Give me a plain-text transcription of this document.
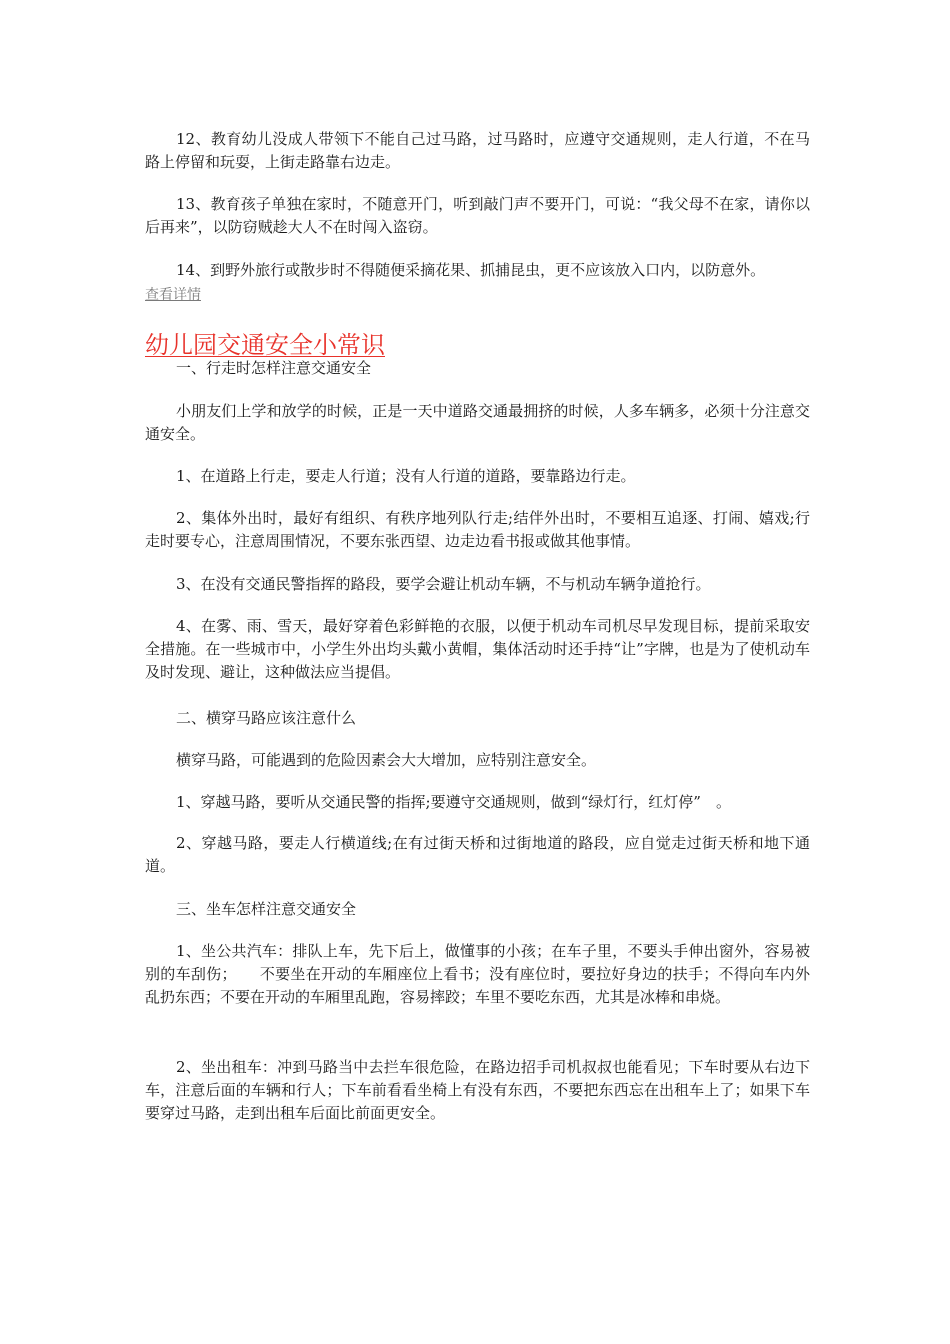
12、教育幼儿没成人带领下不能自己过马路，过马路时，应遵守交通规则，走人行道，不在马路上停留和玩耍，上街走路靠右边走。

13、教育孩子单独在家时，不随意开门，听到敲门声不要开门，可说：“我父母不在家，请你以后再来”，以防窃贼趁大人不在时闯入盗窃。

14、到野外旅行或散步时不得随便采摘花果、抓捕昆虫，更不应该放入口内，以防意外。

查看详情
幼儿园交通安全小常识

一、行走时怎样注意交通安全

小朋友们上学和放学的时候，正是一天中道路交通最拥挤的时候，人多车辆多，必须十分注意交通安全。

1、在道路上行走，要走人行道；没有人行道的道路，要靠路边行走。

2、集体外出时，最好有组织、有秩序地列队行走;结伴外出时，不要相互追逐、打闹、嬉戏;行走时要专心，注意周围情况，不要东张西望、边走边看书报或做其他事情。

3、在没有交通民警指挥的路段，要学会避让机动车辆，不与机动车辆争道抢行。

4、在雾、雨、雪天，最好穿着色彩鲜艳的衣服，以便于机动车司机尽早发现目标，提前采取安全措施。在一些城市中，小学生外出均头戴小黄帽，集体活动时还手持“让”字牌，也是为了使机动车及时发现、避让，这种做法应当提倡。

二、横穿马路应该注意什么

横穿马路，可能遇到的危险因素会大大增加，应特别注意安全。

1、穿越马路，要听从交通民警的指挥;要遵守交通规则，做到“绿灯行，红灯停”　。

2、穿越马路，要走人行横道线;在有过街天桥和过街地道的路段，应自觉走过街天桥和地下通道。

三、坐车怎样注意交通安全

1、坐公共汽车：排队上车，先下后上，做懂事的小孩；在车子里，不要头手伸出窗外，容易被别的车刮伤；　　不要坐在开动的车厢座位上看书；没有座位时，要拉好身边的扶手；不得向车内外乱扔东西；不要在开动的车厢里乱跑，容易摔跤；车里不要吃东西，尤其是冰棒和串烧。

2、坐出租车：冲到马路当中去拦车很危险，在路边招手司机叔叔也能看见；下车时要从右边下车，注意后面的车辆和行人；下车前看看坐椅上有没有东西，不要把东西忘在出租车上了；如果下车要穿过马路，走到出租车后面比前面更安全。
